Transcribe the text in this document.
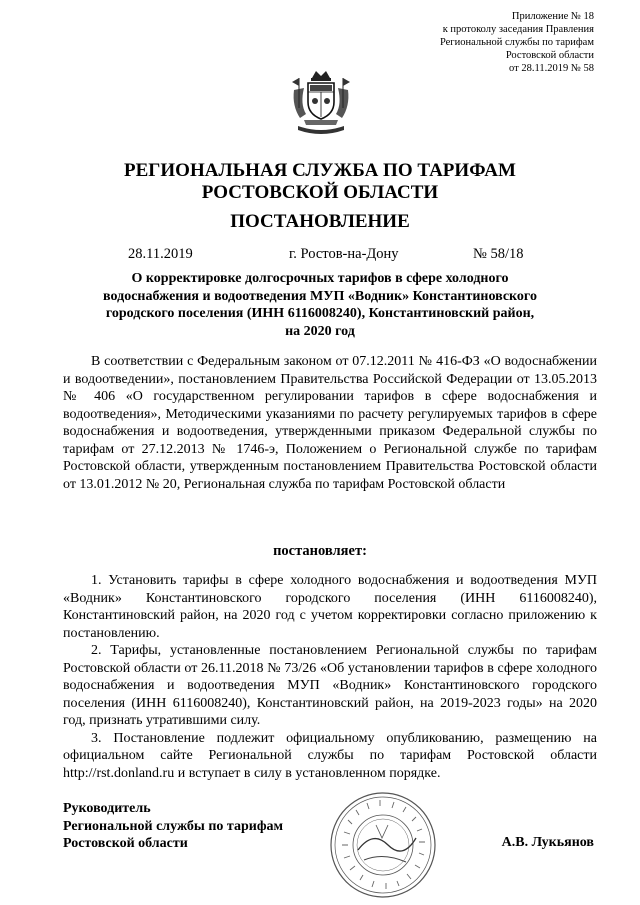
Приложение № 18
к протоколу заседания Правления
Региональной службы по тарифам
Ростовской области
от 28.11.2019 № 58
РЕГИОНАЛЬНАЯ СЛУЖБА ПО ТАРИФАМ
РОСТОВСКОЙ ОБЛАСТИ
ПОСТАНОВЛЕНИЕ
28.11.2019	г. Ростов-на-Дону	№ 58/18
О корректировке долгосрочных тарифов в сфере холодного водоснабжения и водоотведения МУП «Водник» Константиновского городского поселения (ИНН 6116008240), Константиновский район, на 2020 год

В соответствии с Федеральным законом от 07.12.2011 № 416-ФЗ «О водоснабжении и водоотведении», постановлением Правительства Российской Федерации от 13.05.2013 № 406 «О государственном регулировании тарифов в сфере водоснабжения и водоотведения», Методическими указаниями по расчету регулируемых тарифов в сфере водоснабжения и водоотведения, утвержденными приказом Федеральной службы по тарифам от 27.12.2013 № 1746-э, Положением о Региональной службе по тарифам Ростовской области, утвержденным постановлением Правительства Ростовской области от 13.01.2012 № 20, Региональная служба по тарифам Ростовской области

постановляет:

1. Установить тарифы в сфере холодного водоснабжения и водоотведения МУП «Водник» Константиновского городского поселения (ИНН 6116008240), Константиновский район, на 2020 год с учетом корректировки согласно приложению к постановлению.

2. Тарифы, установленные постановлением Региональной службы по тарифам Ростовской области от 26.11.2018 № 73/26 «Об установлении тарифов в сфере холодного водоснабжения и водоотведения МУП «Водник» Константиновского городского поселения (ИНН 6116008240), Константиновский район, на 2019-2023 годы» на 2020 год, признать утратившими силу.

3. Постановление подлежит официальному опубликованию, размещению на официальном сайте Региональной службы по тарифам Ростовской области http://rst.donland.ru и вступает в силу в установленном порядке.

Руководитель
Региональной службы по тарифам
Ростовской области	А.В. Лукьянов
